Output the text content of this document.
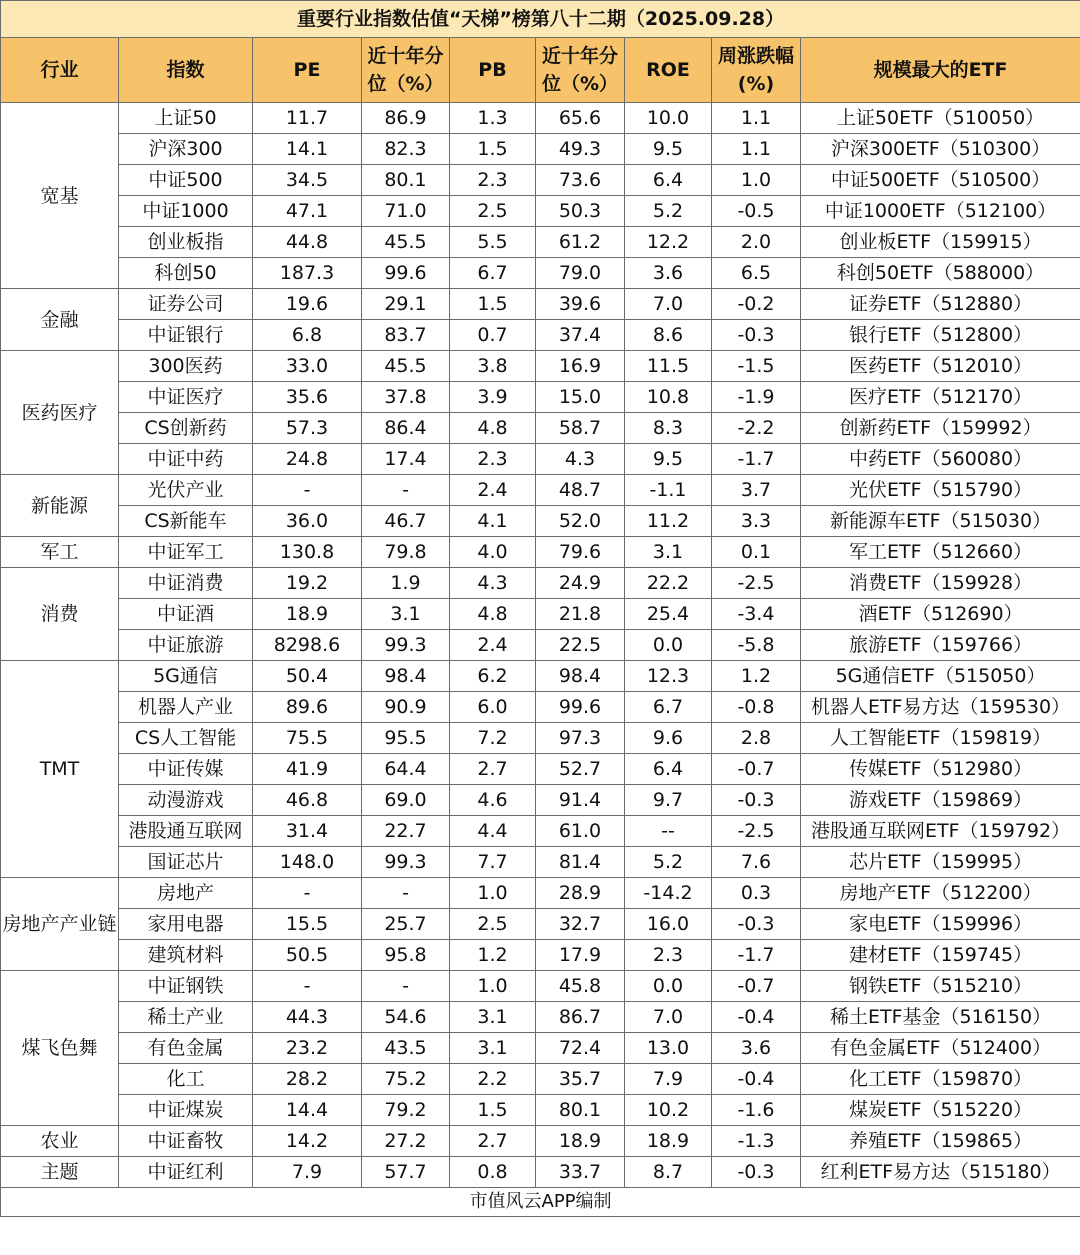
重要行业指数估值“天梯”榜第八十二期（2025.09.28）								
行业	指数	PE	近十年分位（%）	PB	近十年分位（%）	ROE	周涨跌幅(%)	规模最大的ETF
宽基	上证50	11.7	86.9	1.3	65.6	10.0	1.1	上证50ETF（510050）
	沪深300	14.1	82.3	1.5	49.3	9.5	1.1	沪深300ETF（510300）
	中证500	34.5	80.1	2.3	73.6	6.4	1.0	中证500ETF（510500）
	中证1000	47.1	71.0	2.5	50.3	5.2	-0.5	中证1000ETF（512100）
	创业板指	44.8	45.5	5.5	61.2	12.2	2.0	创业板ETF（159915）
	科创50	187.3	99.6	6.7	79.0	3.6	6.5	科创50ETF（588000）
金融	证券公司	19.6	29.1	1.5	39.6	7.0	-0.2	证券ETF（512880）
	中证银行	6.8	83.7	0.7	37.4	8.6	-0.3	银行ETF（512800）
医药医疗	300医药	33.0	45.5	3.8	16.9	11.5	-1.5	医药ETF（512010）
	中证医疗	35.6	37.8	3.9	15.0	10.8	-1.9	医疗ETF（512170）
	CS创新药	57.3	86.4	4.8	58.7	8.3	-2.2	创新药ETF（159992）
	中证中药	24.8	17.4	2.3	4.3	9.5	-1.7	中药ETF（560080）
新能源	光伏产业	-	-	2.4	48.7	-1.1	3.7	光伏ETF（515790）
	CS新能车	36.0	46.7	4.1	52.0	11.2	3.3	新能源车ETF（515030）
军工	中证军工	130.8	79.8	4.0	79.6	3.1	0.1	军工ETF（512660）
消费	中证消费	19.2	1.9	4.3	24.9	22.2	-2.5	消费ETF（159928）
	中证酒	18.9	3.1	4.8	21.8	25.4	-3.4	酒ETF（512690）
	中证旅游	8298.6	99.3	2.4	22.5	0.0	-5.8	旅游ETF（159766）
TMT	5G通信	50.4	98.4	6.2	98.4	12.3	1.2	5G通信ETF（515050）
	机器人产业	89.6	90.9	6.0	99.6	6.7	-0.8	机器人ETF易方达（159530）
	CS人工智能	75.5	95.5	7.2	97.3	9.6	2.8	人工智能ETF（159819）
	中证传媒	41.9	64.4	2.7	52.7	6.4	-0.7	传媒ETF（512980）
	动漫游戏	46.8	69.0	4.6	91.4	9.7	-0.3	游戏ETF（159869）
	港股通互联网	31.4	22.7	4.4	61.0	--	-2.5	港股通互联网ETF（159792）
	国证芯片	148.0	99.3	7.7	81.4	5.2	7.6	芯片ETF（159995）
房地产产业链	房地产	-	-	1.0	28.9	-14.2	0.3	房地产ETF（512200）
	家用电器	15.5	25.7	2.5	32.7	16.0	-0.3	家电ETF（159996）
	建筑材料	50.5	95.8	1.2	17.9	2.3	-1.7	建材ETF（159745）
煤飞色舞	中证钢铁	-	-	1.0	45.8	0.0	-0.7	钢铁ETF（515210）
	稀土产业	44.3	54.6	3.1	86.7	7.0	-0.4	稀土ETF基金（516150）
	有色金属	23.2	43.5	3.1	72.4	13.0	3.6	有色金属ETF（512400）
	化工	28.2	75.2	2.2	35.7	7.9	-0.4	化工ETF（159870）
	中证煤炭	14.4	79.2	1.5	80.1	10.2	-1.6	煤炭ETF（515220）
农业	中证畜牧	14.2	27.2	2.7	18.9	18.9	-1.3	养殖ETF（159865）
主题	中证红利	7.9	57.7	0.8	33.7	8.7	-0.3	红利ETF易方达（515180）
市值风云APP编制								
